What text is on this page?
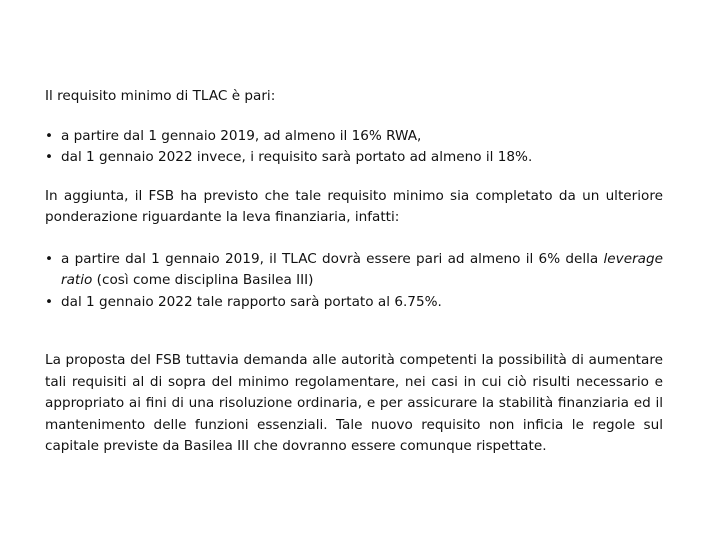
Il requisito minimo di TLAC è pari:

• a partire dal 1 gennaio 2019, ad almeno il 16% RWA,
• dal 1 gennaio 2022 invece, i requisito sarà portato ad almeno il 18%.

In aggiunta, il FSB ha previsto che tale requisito minimo sia completato da un ulteriore ponderazione riguardante la leva finanziaria, infatti:

• a partire dal 1 gennaio 2019, il TLAC dovrà essere pari ad almeno il 6% della leverage ratio (così come disciplina Basilea III)
• dal 1 gennaio 2022 tale rapporto sarà portato al 6.75%.

La proposta del FSB tuttavia demanda alle autorità competenti la possibilità di aumentare tali requisiti al di sopra del minimo regolamentare, nei casi in cui ciò risulti necessario e appropriato ai fini di una risoluzione ordinaria, e per assicurare la stabilità finanziaria ed il mantenimento delle funzioni essenziali. Tale nuovo requisito non inficia le regole sul capitale previste da Basilea III che dovranno essere comunque rispettate.
